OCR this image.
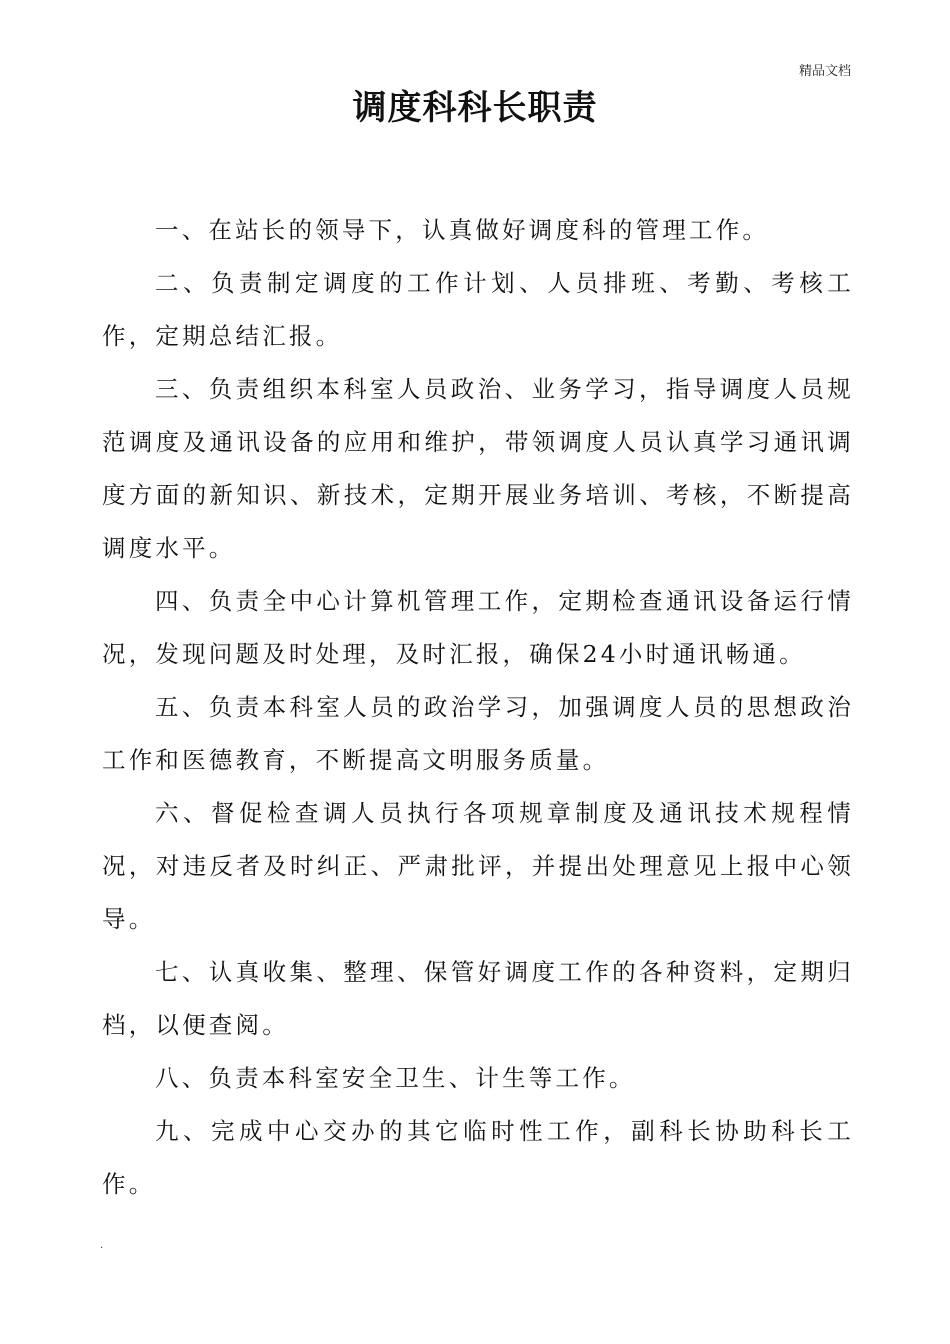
精品文档
调度科科长职责

一、在站长的领导下，认真做好调度科的管理工作。

二、负责制定调度的工作计划、人员排班、考勤、考核工作，定期总结汇报。

三、负责组织本科室人员政治、业务学习，指导调度人员规范调度及通讯设备的应用和维护，带领调度人员认真学习通讯调度方面的新知识、新技术，定期开展业务培训、考核，不断提高调度水平。

四、负责全中心计算机管理工作，定期检查通讯设备运行情况，发现问题及时处理，及时汇报，确保24小时通讯畅通。

五、负责本科室人员的政治学习，加强调度人员的思想政治工作和医德教育，不断提高文明服务质量。

六、督促检查调人员执行各项规章制度及通讯技术规程情况，对违反者及时纠正、严肃批评，并提出处理意见上报中心领导。

七、认真收集、整理、保管好调度工作的各种资料，定期归档，以便查阅。

八、负责本科室安全卫生、计生等工作。

九、完成中心交办的其它临时性工作，副科长协助科长工作。

.
